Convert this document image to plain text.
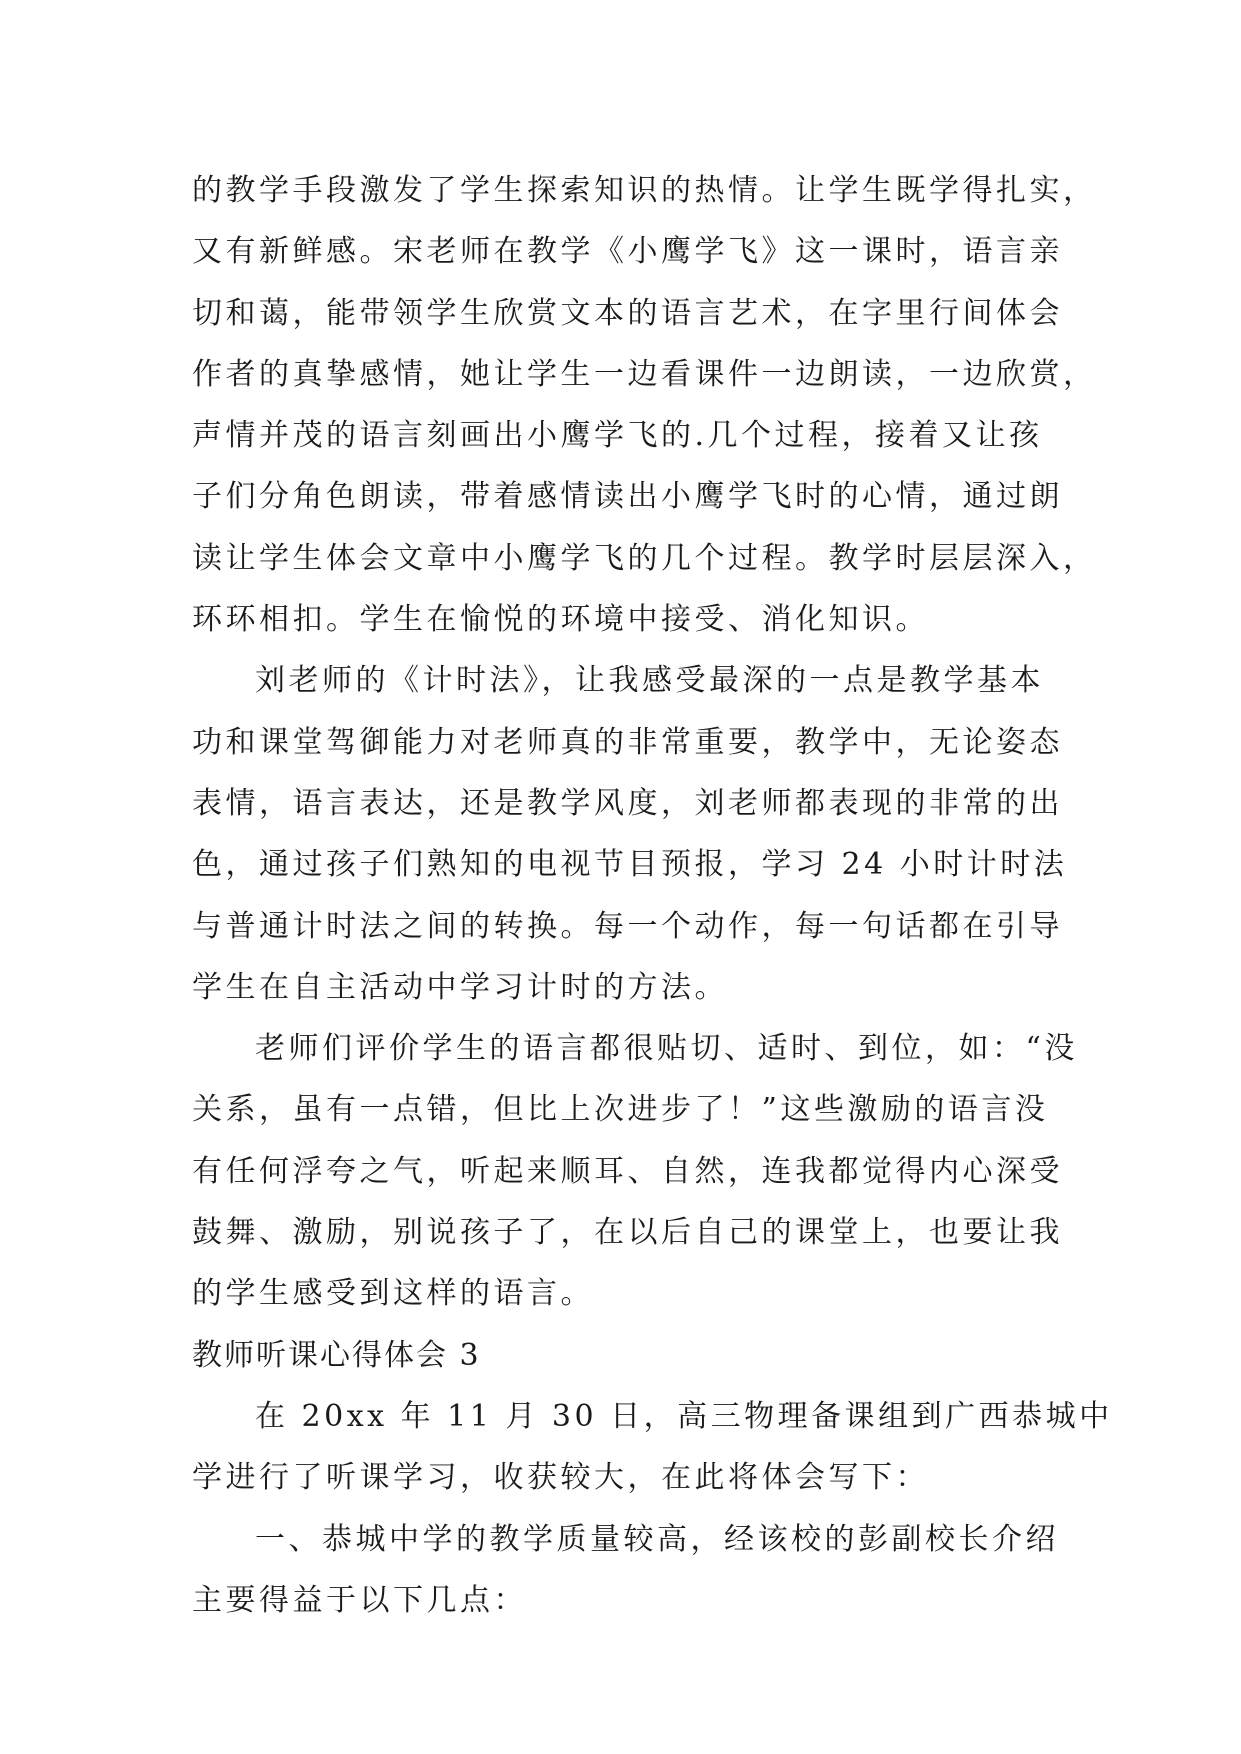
的教学手段激发了学生探索知识的热情。让学生既学得扎实，
又有新鲜感。宋老师在教学《小鹰学飞》这一课时，语言亲
切和蔼，能带领学生欣赏文本的语言艺术，在字里行间体会
作者的真挚感情，她让学生一边看课件一边朗读，一边欣赏，
声情并茂的语言刻画出小鹰学飞的.几个过程，接着又让孩
子们分角色朗读，带着感情读出小鹰学飞时的心情，通过朗
读让学生体会文章中小鹰学飞的几个过程。教学时层层深入，
环环相扣。学生在愉悦的环境中接受、消化知识。
刘老师的《计时法》，让我感受最深的一点是教学基本
功和课堂驾御能力对老师真的非常重要，教学中，无论姿态
表情，语言表达，还是教学风度，刘老师都表现的非常的出
色，通过孩子们熟知的电视节目预报，学习 24 小时计时法
与普通计时法之间的转换。每一个动作，每一句话都在引导
学生在自主活动中学习计时的方法。
老师们评价学生的语言都很贴切、适时、到位，如：“没
关系，虽有一点错，但比上次进步了！”这些激励的语言没
有任何浮夸之气，听起来顺耳、自然，连我都觉得内心深受
鼓舞、激励，别说孩子了，在以后自己的课堂上，也要让我
的学生感受到这样的语言。
教师听课心得体会 3
在 20xx 年 11 月 30 日，高三物理备课组到广西恭城中
学进行了听课学习，收获较大，在此将体会写下：
一、恭城中学的教学质量较高，经该校的彭副校长介绍
主要得益于以下几点：
